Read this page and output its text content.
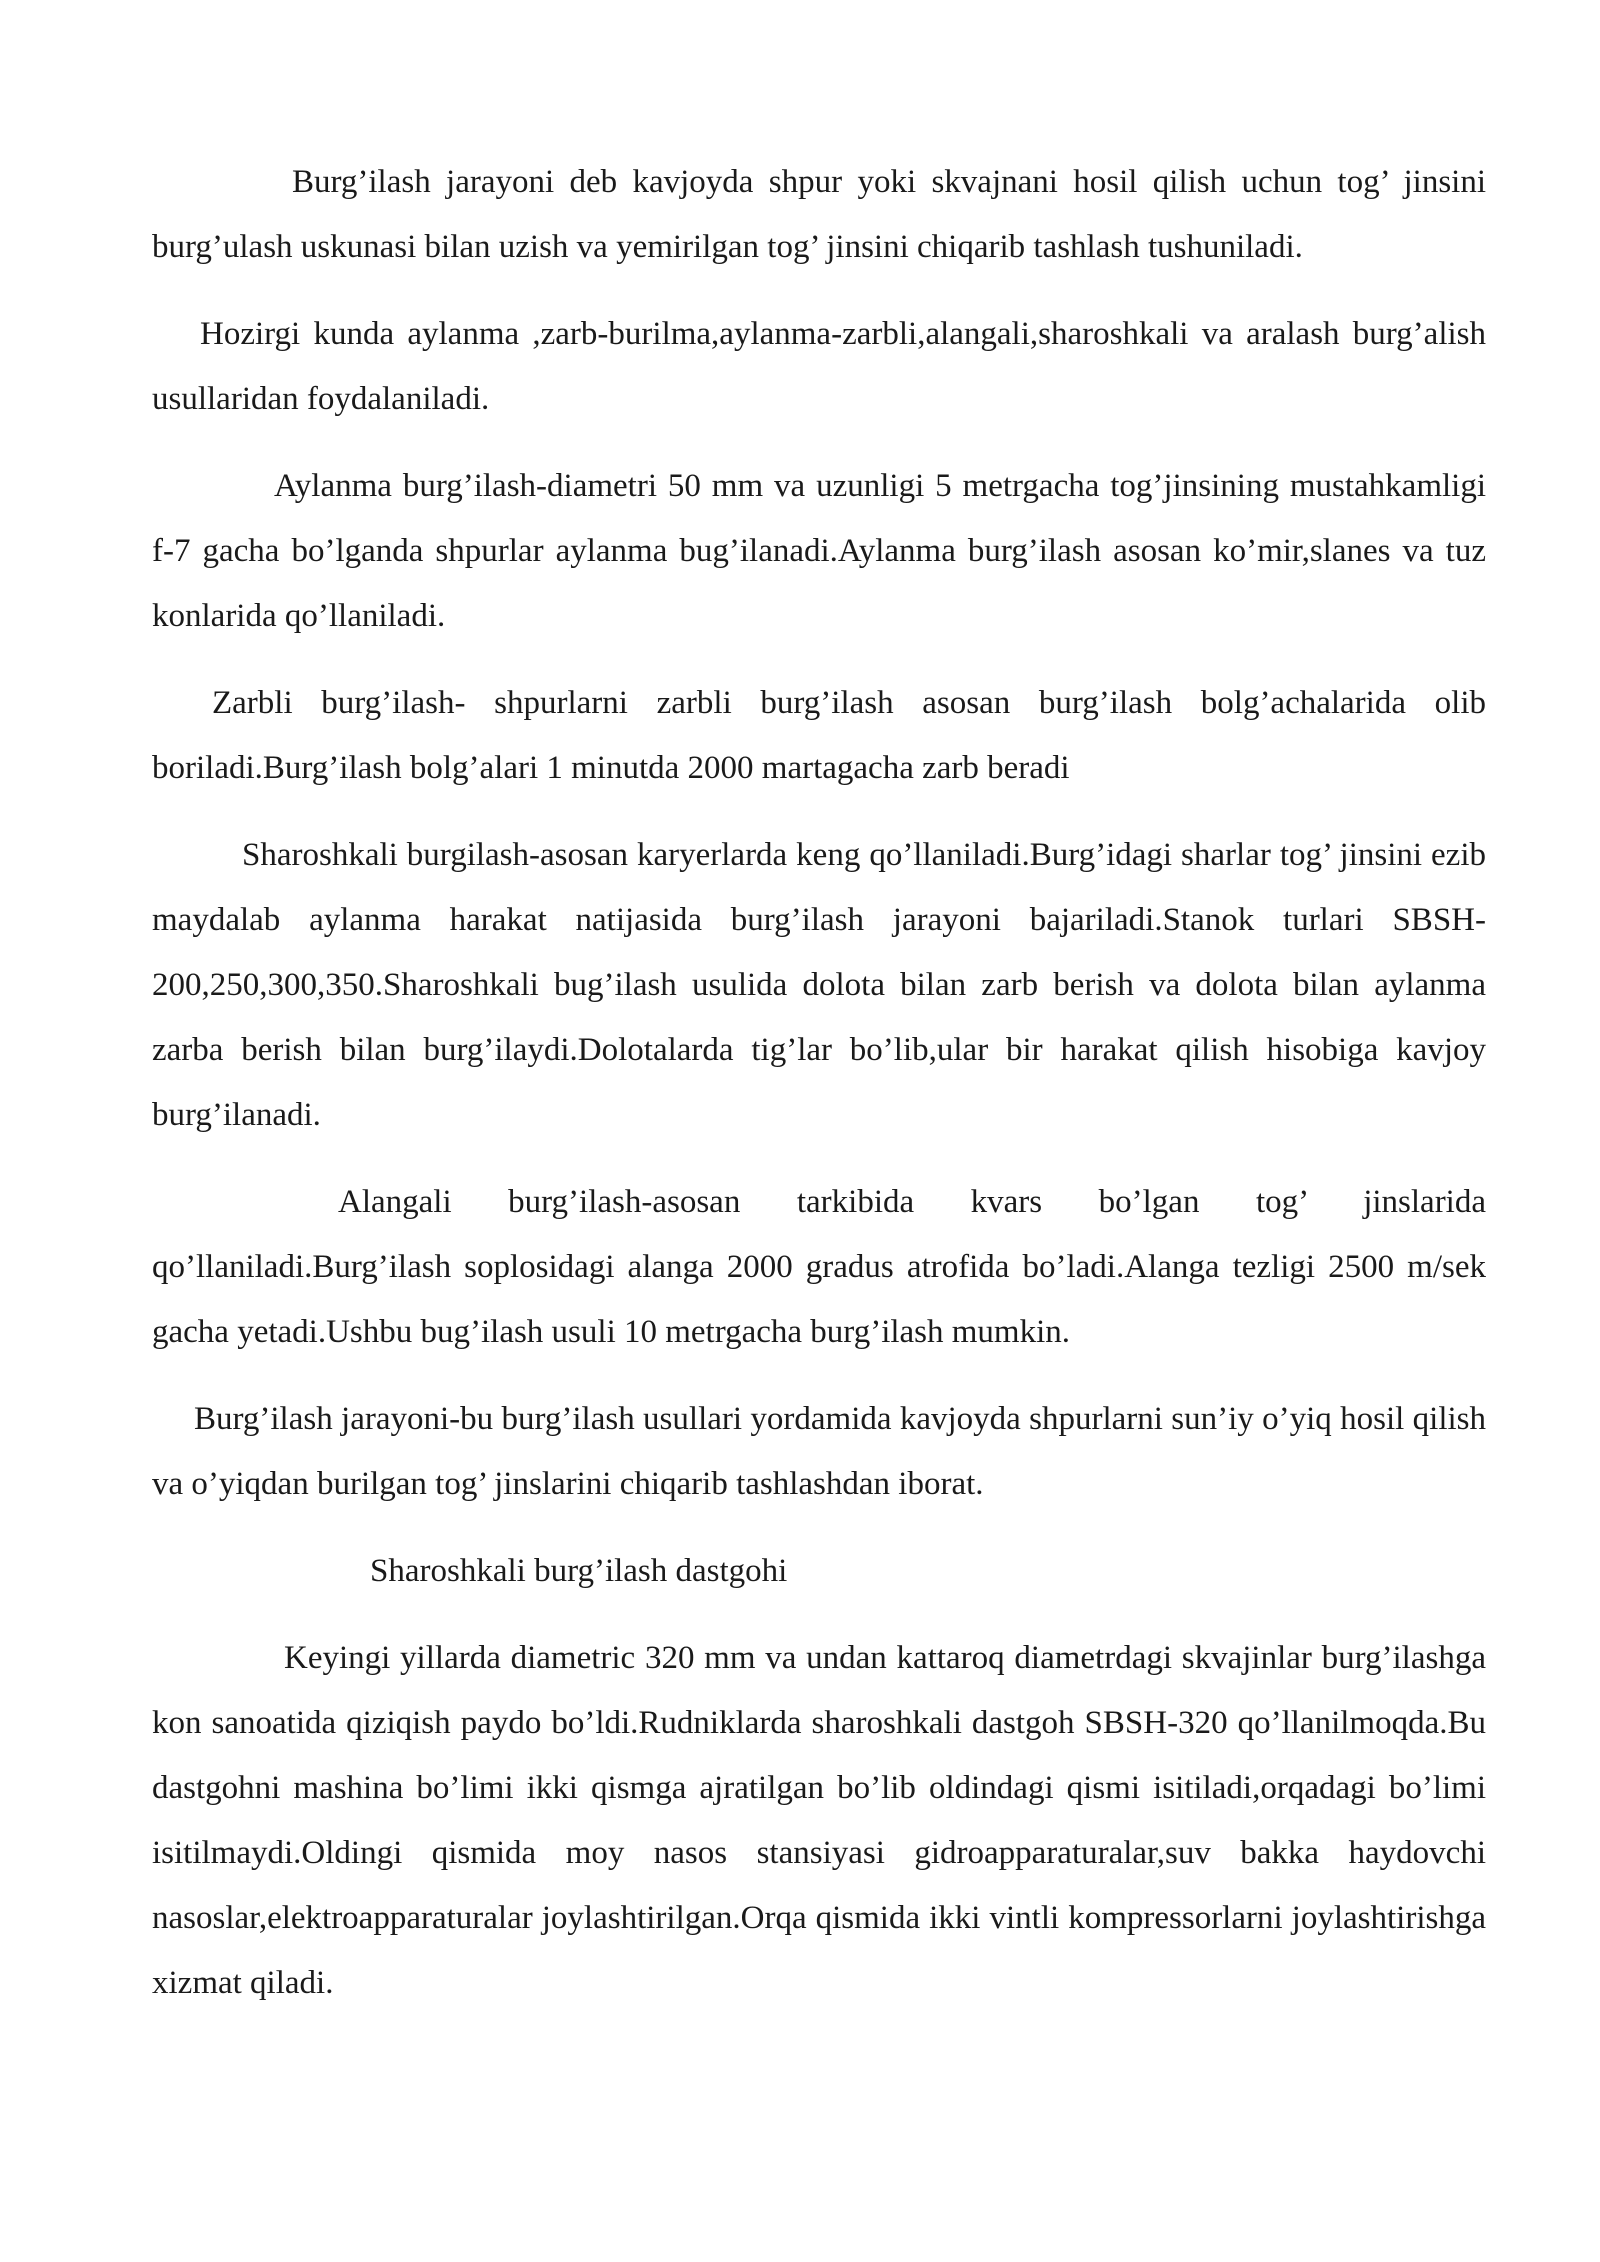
Burg’ilash jarayoni deb kavjoyda shpur yoki skvajnani hosil qilish uchun tog’ jinsini burg’ulash uskunasi bilan uzish va yemirilgan tog’ jinsini chiqarib tashlash tushuniladi.

Hozirgi kunda aylanma ,zarb-burilma,aylanma-zarbli,alangali,sharoshkali va aralash burg’alish usullaridan foydalaniladi.

Aylanma burg’ilash-diametri 50 mm va uzunligi 5 metrgacha tog’jinsining mustahkamligi f-7 gacha bo’lganda shpurlar aylanma bug’ilanadi.Aylanma burg’ilash asosan ko’mir,slanes va tuz konlarida qo’llaniladi.

Zarbli burg’ilash- shpurlarni zarbli burg’ilash asosan burg’ilash bolg’achalarida olib boriladi.Burg’ilash bolg’alari 1 minutda 2000 martagacha zarb beradi

Sharoshkali burgilash-asosan karyerlarda keng qo’llaniladi.Burg’idagi sharlar tog’ jinsini ezib maydalab aylanma harakat natijasida burg’ilash jarayoni bajariladi.Stanok turlari SBSH-200,250,300,350.Sharoshkali bug’ilash usulida dolota bilan zarb berish va dolota bilan aylanma zarba berish bilan burg’ilaydi.Dolotalarda tig’lar bo’lib,ular bir harakat qilish hisobiga kavjoy burg’ilanadi.

Alangali burg’ilash-asosan tarkibida kvars bo’lgan tog’ jinslarida qo’llaniladi.Burg’ilash soplosidagi alanga 2000 gradus atrofida bo’ladi.Alanga tezligi 2500 m/sek gacha yetadi.Ushbu bug’ilash usuli 10 metrgacha burg’ilash mumkin.

Burg’ilash jarayoni-bu burg’ilash usullari yordamida kavjoyda shpurlarni sun’iy o’yiq hosil qilish va o’yiqdan burilgan tog’ jinslarini chiqarib tashlashdan iborat.

Sharoshkali burg’ilash dastgohi

Keyingi yillarda diametric 320 mm va undan kattaroq diametrdagi skvajinlar burg’ilashga kon sanoatida qiziqish paydo bo’ldi.Rudniklarda sharoshkali dastgoh SBSH-320 qo’llanilmoqda.Bu dastgohni mashina bo’limi ikki qismga ajratilgan bo’lib oldindagi qismi isitiladi,orqadagi bo’limi isitilmaydi.Oldingi qismida moy nasos stansiyasi gidroapparaturalar,suv bakka haydovchi nasoslar,elektroapparaturalar joylashtirilgan.Orqa qismida ikki vintli kompressorlarni joylashtirishga xizmat qiladi.
